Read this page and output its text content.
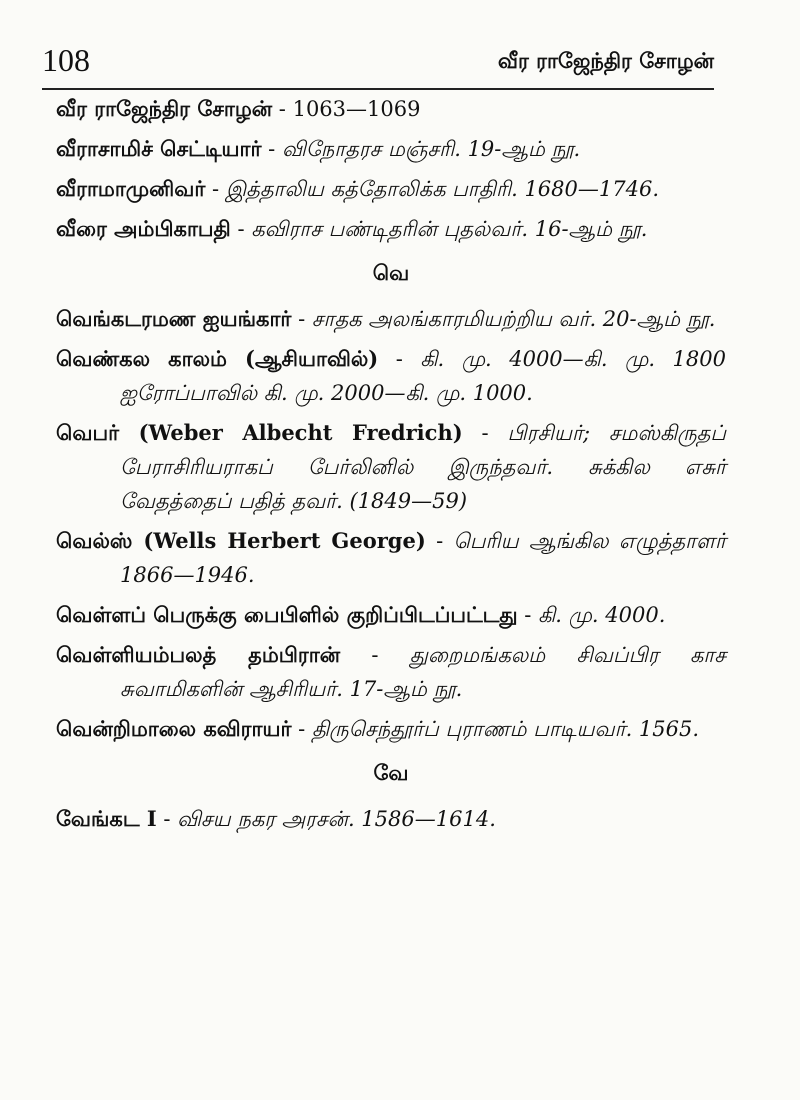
108	வீர ராஜேந்திர சோழன்

வீர ராஜேந்திர சோழன் - 1063—1069

வீராசாமிச் செட்டியார் - விநோதரச மஞ்சரி. 19-ஆம் நூ.

வீராமாமுனிவர் - இத்தாலிய கத்தோலிக்க பாதிரி. 1680—1746.

வீரை அம்பிகாபதி - கவிராச பண்டிதரின் புதல்வர். 16-ஆம் நூ.

வெ

வெங்கடரமண ஐயங்கார் - சாதக அலங்காரமியற்றிய வர். 20-ஆம் நூ.

வெண்கல காலம் (ஆசியாவில்) - கி. மு. 4000—கி. மு. 1800 ஐரோப்பாவில் கி. மு. 2000—கி. மு. 1000.

வெபர் (Weber Albecht Fredrich) - பிரசியர்; சமஸ்கிருதப் பேராசிரியராகப் பேர்லினில் இருந்தவர். சுக்கில எசுர் வேதத்தைப் பதித் தவர். (1849—59)

வெல்ஸ் (Wells Herbert George) - பெரிய ஆங்கில எழுத்தாளர் 1866—1946.

வெள்ளப் பெருக்கு பைபிளில் குறிப்பிடப்பட்டது - கி. மு. 4000.

வெள்ளியம்பலத் தம்பிரான் - துறைமங்கலம் சிவப்பிர காச சுவாமிகளின் ஆசிரியர். 17-ஆம் நூ.

வென்றிமாலை கவிராயர் - திருசெந்தூர்ப் புராணம் பாடியவர். 1565.

வே

வேங்கட I - விசய நகர அரசன். 1586—1614.
